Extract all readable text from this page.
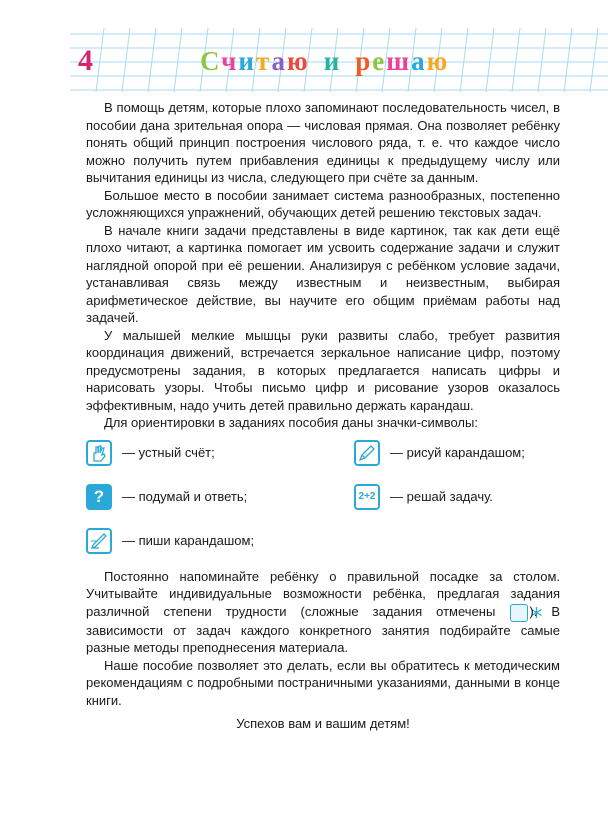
4	Считаю и решаю

В помощь детям, которые плохо запоминают последовательность чисел, в пособии дана зрительная опора — числовая прямая. Она позволяет ребёнку понять общий принцип построения числового ряда, т. е. что каждое число можно получить путем прибавления единицы к предыдущему числу или вычитания единицы из числа, следующего при счёте за данным.

Большое место в пособии занимает система разнообразных, постепенно усложняющихся упражнений, обучающих детей решению текстовых задач.

В начале книги задачи представлены в виде картинок, так как дети ещё плохо читают, а картинка помогает им усвоить содержание задачи и служит наглядной опорой при её решении. Анализируя с ребёнком условие задачи, устанавливая связь между известным и неизвестным, выбирая арифметическое действие, вы научите его общим приёмам работы над задачей.

У малышей мелкие мышцы руки развиты слабо, требует развития координация движений, встречается зеркальное написание цифр, поэтому предусмотрены задания, в которых предлагается написать цифры и нарисовать узоры. Чтобы письмо цифр и рисование узоров оказалось эффективным, надо учить детей правильно держать карандаш.

Для ориентировки в заданиях пособия даны значки-символы:

— устный счёт;
? — подумай и ответь;
— пиши карандашом;
— рисуй карандашом;
2+2 — решай задачу.

Постоянно напоминайте ребёнку о правильной посадке за столом. Учитывайте индивидуальные возможности ребёнка, предлагая задания различной степени трудности (сложные задания отмечены	). В зависимости от задач каждого конкретного занятия подбирайте самые разные методы преподнесения материала.

Наше пособие позволяет это делать, если вы обратитесь к методическим рекомендациям с подробными постраничными указаниями, данными в конце книги.

Успехов вам и вашим детям!
